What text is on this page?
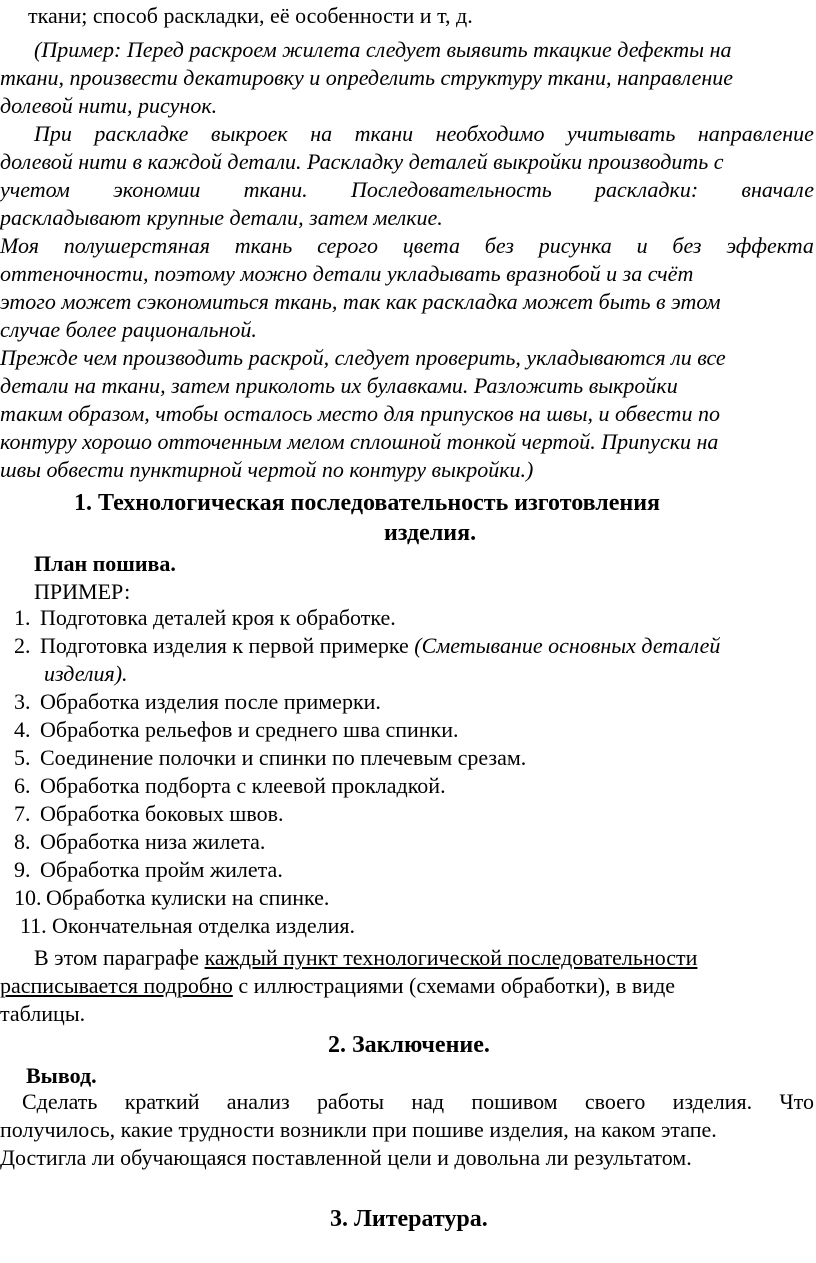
ткани; способ раскладки, её особенности и т, д.
(Пример: Перед раскроем жилета следует выявить ткацкие дефекты на
ткани, произвести декатировку и определить структуру ткани, направление
долевой нити, рисунок.
При раскладке выкроек на ткани необходимо учитывать направление
долевой нити в каждой детали. Раскладку деталей выкройки производить с
учетом экономии ткани. Последовательность раскладки: вначале
раскладывают крупные детали, затем мелкие.
Моя полушерстяная ткань серого цвета без рисунка и без эффекта
оттеночности, поэтому можно детали укладывать вразнобой и за счёт
этого может сэкономиться ткань, так как раскладка может быть в этом
случае более рациональной.
Прежде чем производить раскрой, следует проверить, укладываются ли все
детали на ткани, затем приколоть их булавками. Разложить выкройки
таким образом, чтобы осталось место для припусков на швы, и обвести по
контуру хорошо отточенным мелом сплошной тонкой чертой. Припуски на
швы обвести пунктирной чертой по контуру выкройки.)
1. Технологическая последовательность изготовления
изделия.
План пошива.
ПРИМЕР:
1. Подготовка деталей кроя к обработке.
2. Подготовка изделия к первой примерке (Сметывание основных деталей
изделия).
3. Обработка изделия после примерки.
4. Обработка рельефов и среднего шва спинки.
5. Соединение полочки и спинки по плечевым срезам.
6. Обработка подборта с клеевой прокладкой.
7. Обработка боковых швов.
8. Обработка низа жилета.
9. Обработка пройм жилета.
10. Обработка кулиски на спинке.
11. Окончательная отделка изделия.
В этом параграфе каждый пункт технологической последовательности
расписывается подробно с иллюстрациями (схемами обработки), в виде
таблицы.
2. Заключение.
Вывод.
Сделать краткий анализ работы над пошивом своего изделия. Что
получилось, какие трудности возникли при пошиве изделия, на каком этапе.
Достигла ли обучающаяся поставленной цели и довольна ли результатом.
3. Литература.
